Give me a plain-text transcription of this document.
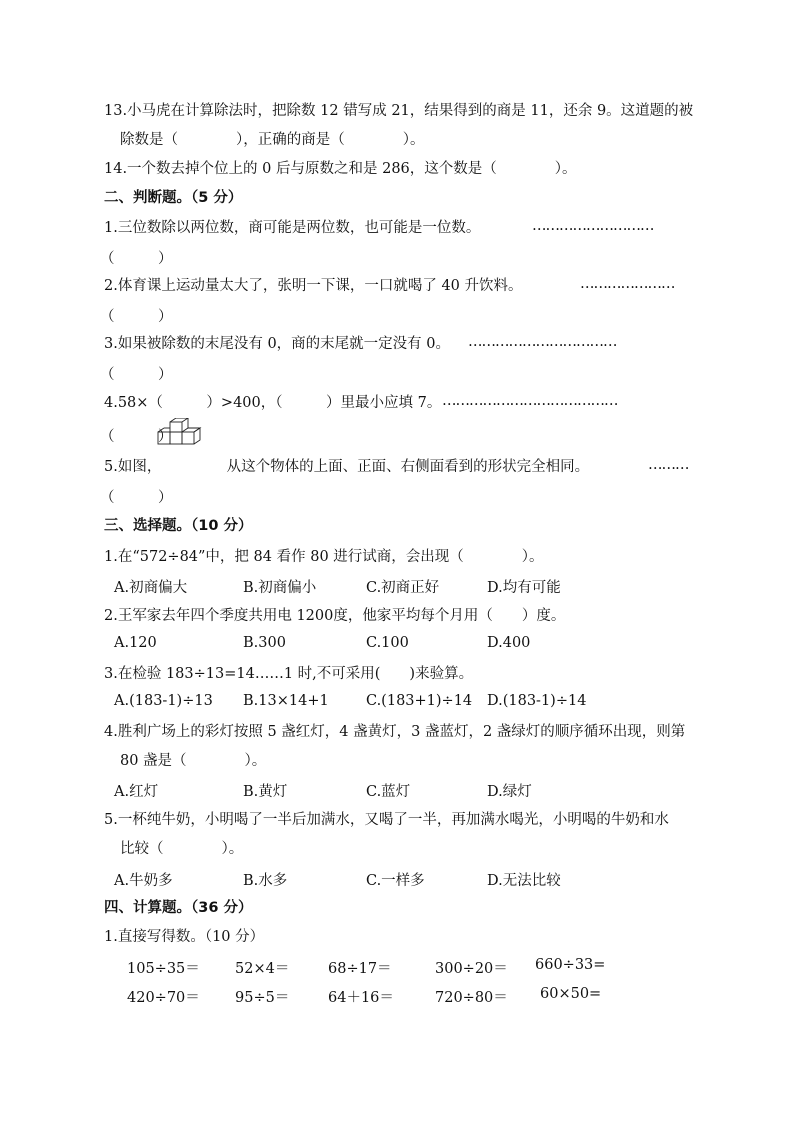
13.小马虎在计算除法时，把除数 12 错写成 21，结果得到的商是 11，还余 9。这道题的被
除数是（　　　　），正确的商是（　　　　）。
14.一个数去掉个位上的 0 后与原数之和是 286，这个数是（　　　　）。
二、判断题。（5 分）
1.三位数除以两位数，商可能是两位数，也可能是一位数。	………………………
（　　　）
2.体育课上运动量太大了，张明一下课，一口就喝了 40 升饮料。	…………………
（　　　）
3.如果被除数的末尾没有 0，商的末尾就一定没有 0。 ……………………………
（　　　）
4.58×（　　　）>400，（　　　）里最小应填 7。 …………………………………
（　　　）
5.如图，　　　　　从这个物体的上面、正面、右侧面看到的形状完全相同。	………
（　　　）
三、选择题。（10 分）
1.在“572÷84”中，把 84 看作 80 进行试商，会出现（　　　　）。
A.初商偏大	B.初商偏小	C.初商正好	D.均有可能
2.王军家去年四个季度共用电 1200度，他家平均每个月用（　　）度。
A.120	B.300	C.100	D.400
3.在检验 183÷13=14……1 时,不可采用(　　)来验算。
A.(183-1)÷13 B.13×14+1	C.(183+1)÷14 D.(183-1)÷14
4.胜利广场上的彩灯按照 5 盏红灯，4 盏黄灯，3 盏蓝灯，2 盏绿灯的顺序循环出现，则第
80 盏是（　　　　）。
A.红灯	B.黄灯	C.蓝灯	D.绿灯
5.一杯纯牛奶，小明喝了一半后加满水，又喝了一半，再加满水喝光，小明喝的牛奶和水
比较（　　　　）。
A.牛奶多	B.水多	C.一样多	D.无法比较
四、计算题。（36 分）
1.直接写得数。（10 分）
105÷35＝ 52×4＝	68÷17＝	300÷20＝ 660÷33=
420÷70＝ 95÷5＝	64＋16＝	720÷80＝ 60×50=
